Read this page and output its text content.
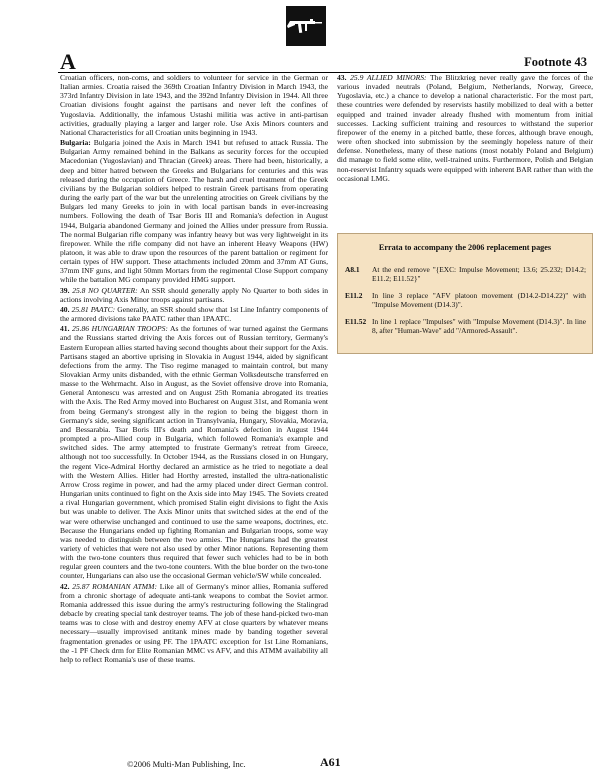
A	Footnote 43

Croatian officers, non-coms, and soldiers to volunteer for service in the German or Italian armies. Croatia raised the 369th Croatian Infantry Division in March 1943, the 373rd Infantry Division in late 1943, and the 392nd Infantry Division in 1944. All three Croatian divisions fought against the partisans and never left the confines of Yugoslavia. Additionally, the infamous Ustashi militia was active in anti-partisan activities, gradually playing a larger and larger role. Use Axis Minors counters and National Characteristics for all Croatian units beginning in 1943.

Bulgaria: Bulgaria joined the Axis in March 1941 but refused to attack Russia. The Bulgarian Army remained behind in the Balkans as security forces for the occupied Macedonian (Yugoslavian) and Thracian (Greek) areas. There had been, historically, a deep and bitter hatred between the Greeks and Bulgarians for centuries and this was released during the occupation of Greece. The harsh and cruel treatment of the Greek civilians by the Bulgarian soldiers helped to restrain Greek partisans from operating during the early part of the war but the unrelenting atrocities on Greek civilians by the Bulgars led many Greeks to join in with local partisan bands in ever-increasing numbers. Following the death of Tsar Boris III and Romania's defection in August 1944, Bulgaria abandoned Germany and joined the Allies under pressure from Russia. The normal Bulgarian rifle company was infantry heavy but was very lightweight in its firepower. While the rifle company did not have an inherent Heavy Weapons (HW) platoon, it was able to draw upon the resources of the parent battalion or regiment for certain types of HW support. These attachments included 20mm and 37mm AT Guns, 37mm INF guns, and light 50mm Mortars from the regimental Close Support company while the battalion MG company provided HMG support.

39. 25.8 NO QUARTER: An SSR should generally apply No Quarter to both sides in actions involving Axis Minor troops against partisans.

40. 25.81 PAATC: Generally, an SSR should show that 1st Line Infantry components of the armored divisions take PAATC rather than 1PAATC.

41. 25.86 HUNGARIAN TROOPS: As the fortunes of war turned against the Germans and the Russians started driving the Axis forces out of Russian territory, Germany's Eastern European allies started having second thoughts about their support for the Axis. Partisans staged an abortive uprising in Slovakia in August 1944, aided by significant defections from the army. The Tiso regime managed to maintain control, but many Slovakian Army units disbanded, with the ethnic German Volksdeutsche transferred en masse to the Wehrmacht. Also in August, as the Soviet offensive drove into Romania, General Antonescu was arrested and on August 25th Romania abrogated its treaties with the Axis. The Red Army moved into Bucharest on August 31st, and Romania went from being Germany's strongest ally in the region to being the biggest thorn in Germany's side, seeing significant action in Transylvania, Hungary, Slovakia, Moravia, and Bessarabia. Tsar Boris III's death and Romania's defection in August 1944 prompted a pro-Allied coup in Bulgaria, which followed Romania's example and switched sides. The army attempted to frustrate Germany's retreat from Greece, although not too successfully. In October 1944, as the Russians closed in on Hungary, the regent Vice-Admiral Horthy declared an armistice as he tried to negotiate a deal with the Western Allies. Hitler had Horthy arrested, installed the ultra-nationalistic Arrow Cross regime in power, and had the army placed under direct German control. Hungarian units continued to fight on the Axis side into May 1945. The Soviets created a rival Hungarian government, which promised Stalin eight divisions to fight the Axis but was unable to deliver. The Axis Minor units that switched sides at the end of the war were otherwise unchanged and continued to use the same weapons, doctrines, etc. Because the Hungarians ended up fighting Romanian and Bulgarian troops, some way was needed to distinguish between the two armies. The Hungarians had the greatest variety of vehicles that were not also used by other Minor nations. Representing them with the two-tone counters thus required that fewer such vehicles had to be in both regular green counters and the two-tone counters. With the blue border on the two-tone counter, Hungarians can also use the occasional German vehicle/SW while concealed.

42. 25.87 ROMANIAN ATMM: Like all of Germany's minor allies, Romania suffered from a chronic shortage of adequate anti-tank weapons to combat the Soviet armor. Romania addressed this issue during the army's restructuring following the Stalingrad debacle by creating special tank destroyer teams. The job of these hand-picked two-man teams was to close with and destroy enemy AFV at close quarters by whatever means necessary—usually improvised antitank mines made by banding together several fragmentation grenades or using PF. The 1PAATC exception for 1st Line Romanians, the -1 PF Check drm for Elite Romanian MMC vs AFV, and this ATMM availability all help to reflect Romania's use of these teams.

43. 25.9 ALLIED MINORS: The Blitzkrieg never really gave the forces of the various invaded neutrals (Poland, Belgium, Netherlands, Norway, Greece, Yugoslavia, etc.) a chance to develop a national characteristic. For the most part, these countries were defended by reservists hastily mobilized to deal with a better equipped and trained invader already flushed with momentum from initial successes. Lacking sufficient training and resources to withstand the superior firepower of the enemy in a pitched battle, these forces, although brave enough, were often shocked into submission by the seemingly hopeless nature of their defense. Nonetheless, many of these nations (most notably Poland and Belgium) did manage to field some elite, well-trained units. Furthermore, Polish and Belgian non-reservist Infantry squads were equipped with inherent BAR rather than with the occasional LMG.

Errata to accompany the 2006 replacement pages
A8.1 At the end remove "{EXC: Impulse Movement; 13.6; 25.232; D14.2; E11.2; E11.52}"
E11.2 In line 3 replace "AFV platoon movement (D14.2-D14.22)" with "Impulse Movement (D14.3)".
E11.52 In line 1 replace "Impulses" with "Impulse Movement (D14.3)". In line 8, after "Human-Wave" add "/Armored-Assault".
©2006 Multi-Man Publishing, Inc.	A61
